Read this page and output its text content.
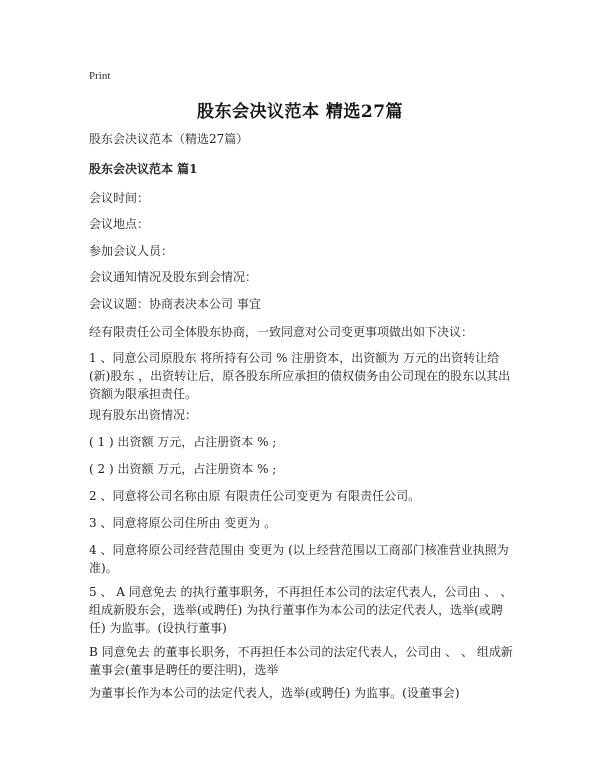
Print
股东会决议范本 精选27篇
股东会决议范本（精选27篇）
股东会决议范本 篇1
会议时间：
会议地点：
参加会议人员：
会议通知情况及股东到会情况：
会议议题：协商表决本公司 事宜
经有限责任公司全体股东协商，一致同意对公司变更事项做出如下决议：
1 、同意公司原股东 将所持有公司 % 注册资本，出资额为 万元的出资转让给(新)股东 ，出资转让后，原各股东所应承担的债权债务由公司现在的股东以其出资额为限承担责任。
现有股东出资情况：
( 1 ) 出资额 万元，占注册资本 % ;
( 2 ) 出资额 万元，占注册资本 % ;
2 、同意将公司名称由原 有限责任公司变更为 有限责任公司。
3 、同意将原公司住所由 变更为 。
4 、同意将原公司经营范围由 变更为 (以上经营范围以工商部门核准营业执照为准)。
5 、 A 同意免去 的执行董事职务，不再担任本公司的法定代表人，公司由 、 、 组成新股东会，选举(或聘任) 为执行董事作为本公司的法定代表人，选举(或聘任) 为监事。(设执行董事)
B 同意免去 的董事长职务，不再担任本公司的法定代表人，公司由 、 、 组成新董事会(董事是聘任的要注明)，选举
为董事长作为本公司的法定代表人，选举(或聘任) 为监事。(设董事会)
